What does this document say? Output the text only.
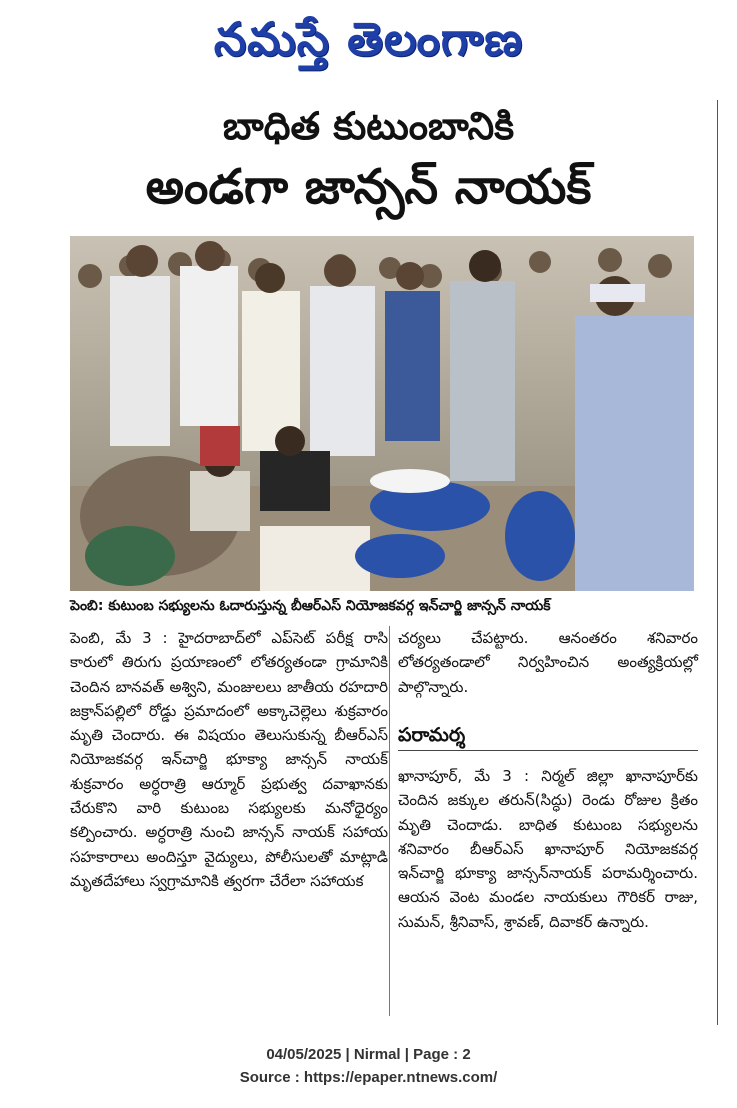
నమస్తే తెలంగాణ
బాధిత కుటుంబానికి
అండగా జాన్సన్ నాయక్
పెంబి: కుటుంబ సభ్యులను ఓదారుస్తున్న బీఆర్ఎస్ నియోజకవర్గ ఇన్‌చార్జి జాన్సన్ నాయక్

పెంబి, మే 3 : హైదరాబాద్‌లో ఎప్‌సెట్ పరీక్ష రాసి కారులో తిరుగు ప్రయాణంలో లోతర్యతండా గ్రామానికి చెందిన బానవత్ అశ్విని, మంజులలు జాతీయ రహదారి జక్రాన్‌పల్లిలో రోడ్డు ప్రమాదంలో అక్కాచెల్లెలు శుక్రవారం మృతి చెందారు. ఈ విషయం తెలుసుకున్న బీఆర్ఎస్ నియోజకవర్గ ఇన్‌చార్జి భూక్యా జాన్సన్ నాయక్ శుక్రవారం అర్ధరాత్రి ఆర్మూర్ ప్రభుత్వ దవాఖానకు చేరుకొని వారి కుటుంబ సభ్యులకు మనోధైర్యం కల్పించారు. అర్ధరాత్రి నుంచి జాన్సన్ నాయక్ సహాయ సహకారాలు అందిస్తూ వైద్యులు, పోలీసులతో మాట్లాడి మృతదేహాలు స్వగ్రామానికి త్వరగా చేరేలా సహాయక

చర్యలు చేపట్టారు. ఆనంతరం శనివారం లోతర్యతండాలో నిర్వహించిన అంత్యక్రియల్లో పాల్గొన్నారు.

పరామర్శ

ఖానాపూర్, మే 3 : నిర్మల్ జిల్లా ఖానాపూర్‌కు చెందిన జక్కుల తరున్(సిద్ధు) రెండు రోజుల క్రితం మృతి చెందాడు. బాధిత కుటుంబ సభ్యులను శనివారం బీఆర్ఎస్ ఖానాపూర్ నియోజకవర్గ ఇన్‌చార్జి భూక్యా జాన్సన్‌నాయక్ పరామర్శించారు. ఆయన వెంట మండల నాయకులు గౌరికర్ రాజు, సుమన్, శ్రీనివాస్, శ్రావణ్, దివాకర్ ఉన్నారు.

04/05/2025 | Nirmal | Page : 2
Source : https://epaper.ntnews.com/
